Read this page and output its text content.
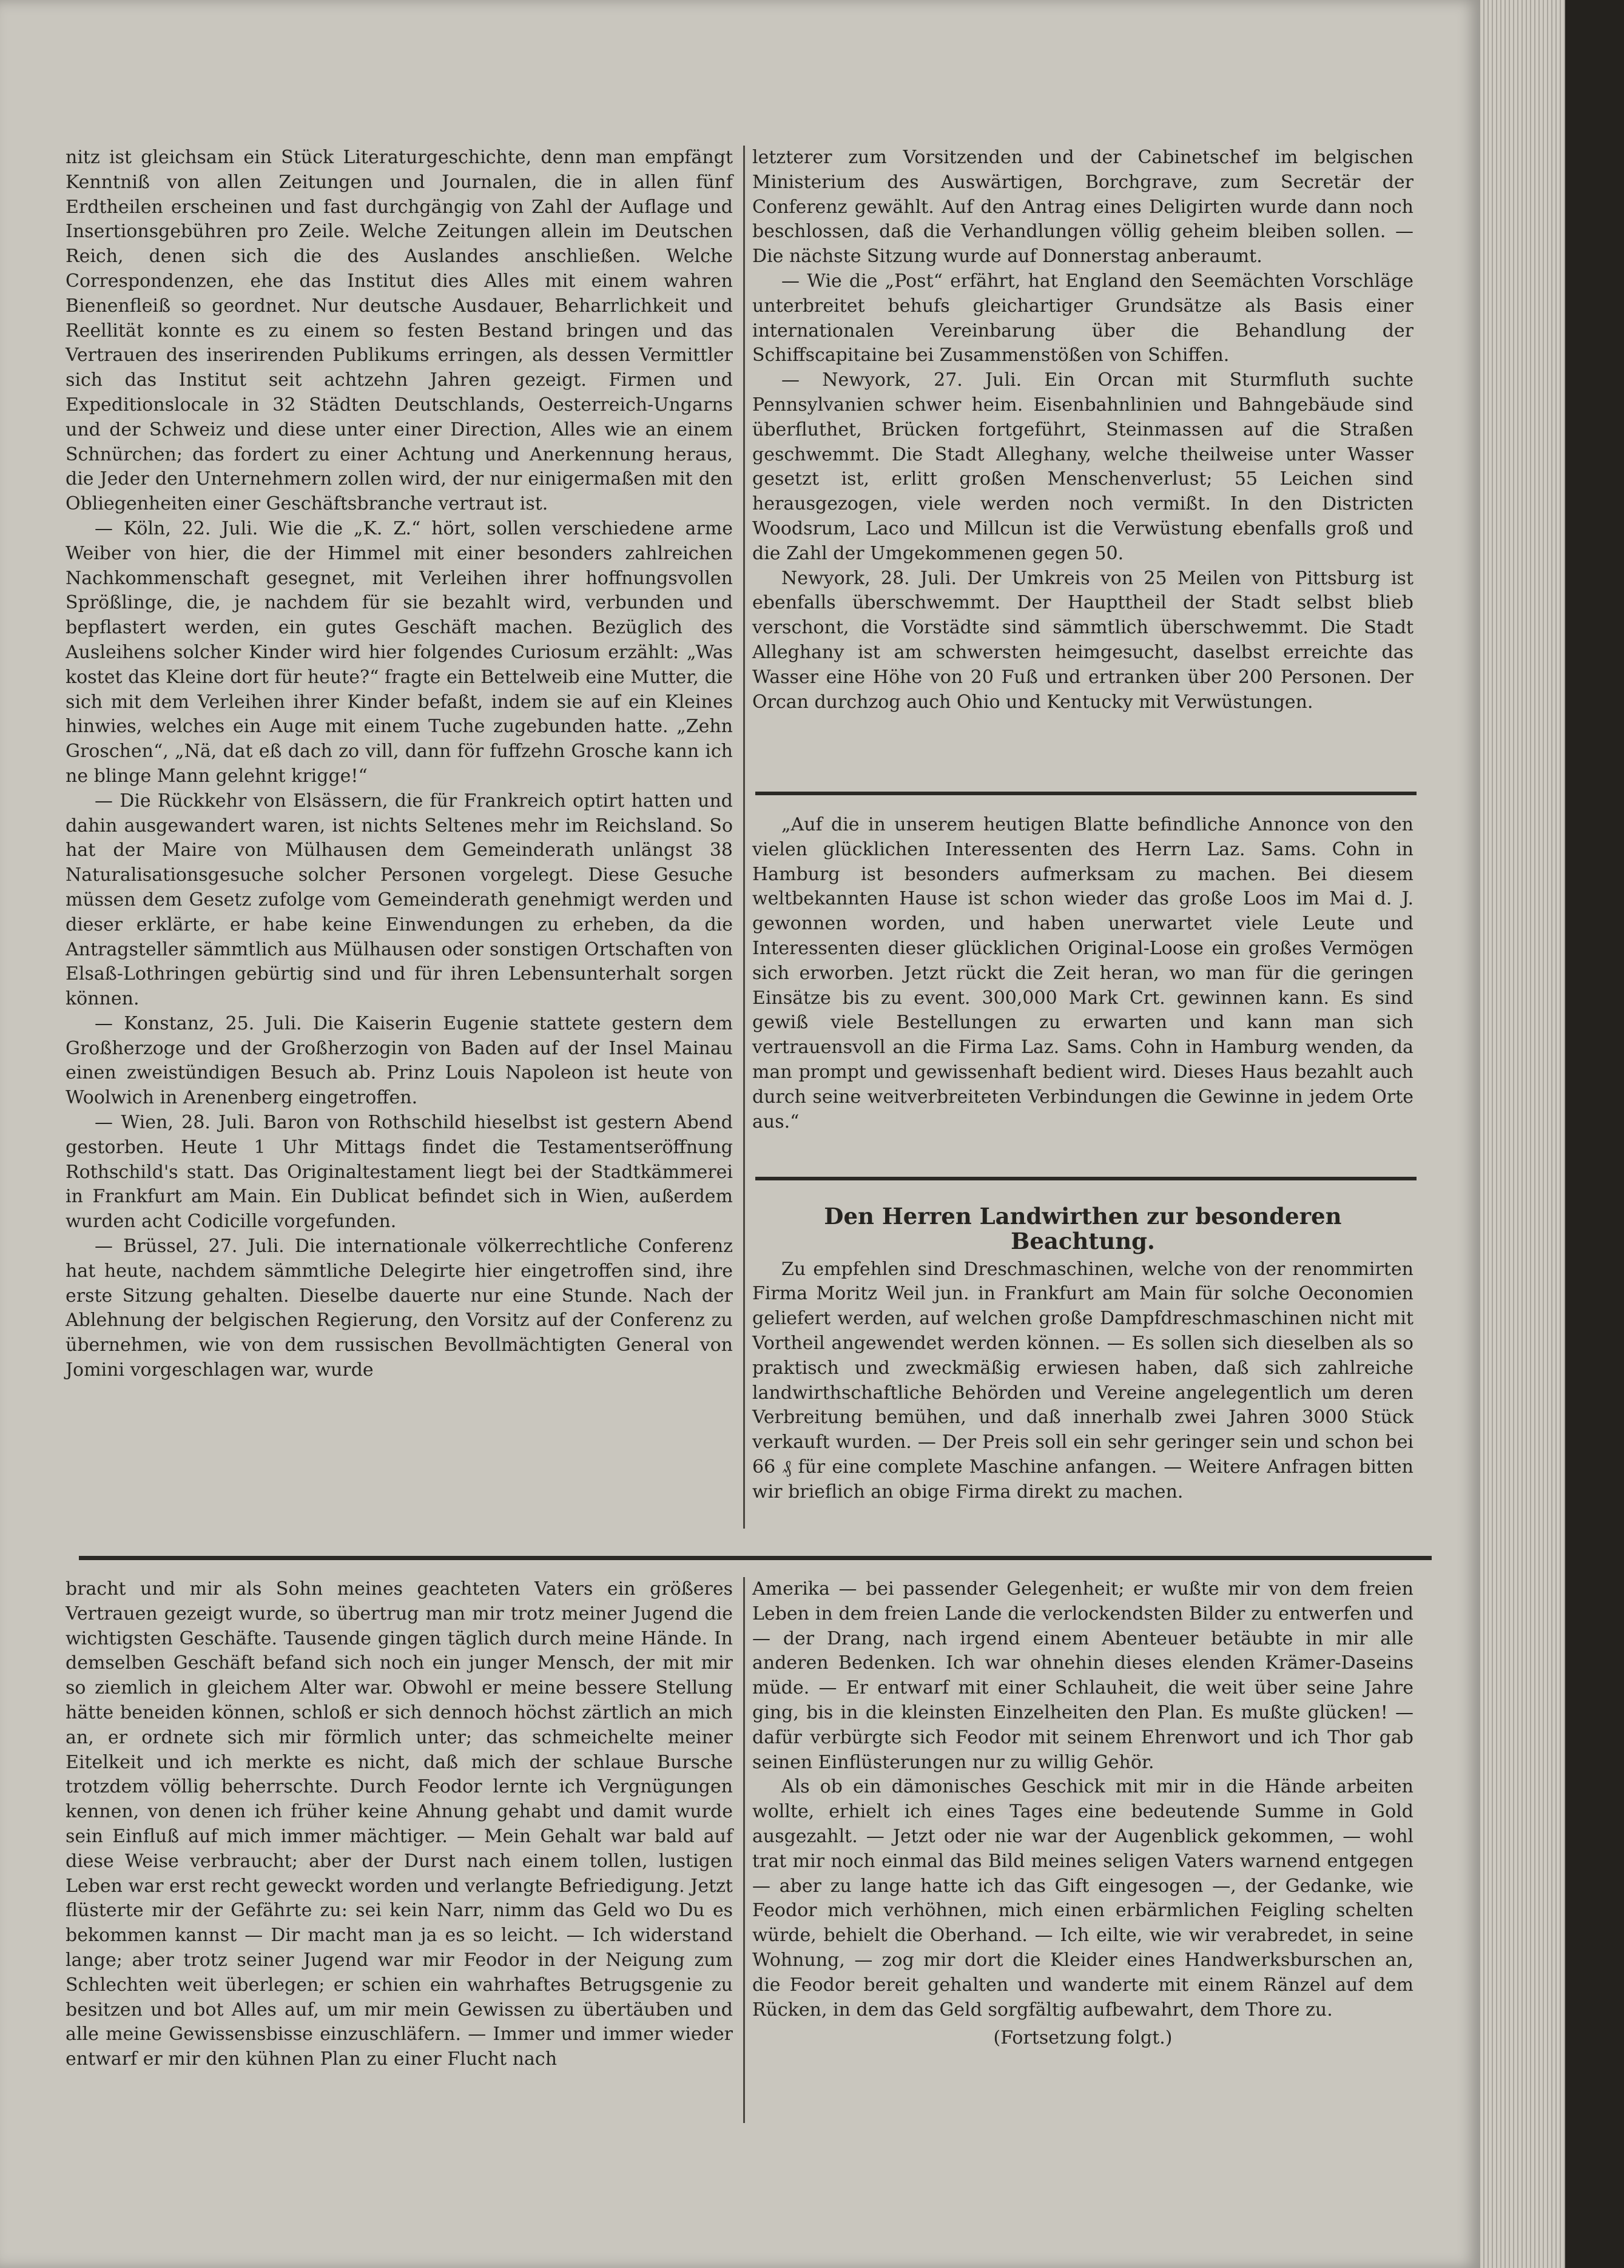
nitz ist gleichsam ein Stück Literaturgeschichte, denn man empfängt Kenntniß von allen Zeitungen und Journalen, die in allen fünf Erdtheilen erscheinen und fast durchgängig von Zahl der Auflage und Insertionsgebühren pro Zeile. Welche Zeitungen allein im Deutschen Reich, denen sich die des Auslandes anschließen. Welche Correspondenzen, ehe das Institut dies Alles mit einem wahren Bienenfleiß so geordnet. Nur deutsche Ausdauer, Beharrlichkeit und Reellität konnte es zu einem so festen Bestand bringen und das Vertrauen des inserirenden Publikums erringen, als dessen Vermittler sich das Institut seit achtzehn Jahren gezeigt. Firmen und Expeditionslocale in 32 Städten Deutschlands, Oesterreich-Ungarns und der Schweiz und diese unter einer Direction, Alles wie an einem Schnürchen; das fordert zu einer Achtung und Anerkennung heraus, die Jeder den Unternehmern zollen wird, der nur einigermaßen mit den Obliegenheiten einer Geschäftsbranche vertraut ist.

— Köln, 22. Juli. Wie die „K. Z.“ hört, sollen verschiedene arme Weiber von hier, die der Himmel mit einer besonders zahlreichen Nachkommenschaft gesegnet, mit Verleihen ihrer hoffnungsvollen Sprößlinge, die, je nachdem für sie bezahlt wird, verbunden und bepflastert werden, ein gutes Geschäft machen. Bezüglich des Ausleihens solcher Kinder wird hier folgendes Curiosum erzählt: „Was kostet das Kleine dort für heute?“ fragte ein Bettelweib eine Mutter, die sich mit dem Verleihen ihrer Kinder befaßt, indem sie auf ein Kleines hinwies, welches ein Auge mit einem Tuche zugebunden hatte. „Zehn Groschen“, „Nä, dat eß dach zo vill, dann för fuffzehn Grosche kann ich ne blinge Mann gelehnt krigge!“

— Die Rückkehr von Elsässern, die für Frankreich optirt hatten und dahin ausgewandert waren, ist nichts Seltenes mehr im Reichsland. So hat der Maire von Mülhausen dem Gemeinderath unlängst 38 Naturalisationsgesuche solcher Personen vorgelegt. Diese Gesuche müssen dem Gesetz zufolge vom Gemeinderath genehmigt werden und dieser erklärte, er habe keine Einwendungen zu erheben, da die Antragsteller sämmtlich aus Mülhausen oder sonstigen Ortschaften von Elsaß-Lothringen gebürtig sind und für ihren Lebensunterhalt sorgen können.

— Konstanz, 25. Juli. Die Kaiserin Eugenie stattete gestern dem Großherzoge und der Großherzogin von Baden auf der Insel Mainau einen zweistündigen Besuch ab. Prinz Louis Napoleon ist heute von Woolwich in Arenenberg eingetroffen.

— Wien, 28. Juli. Baron von Rothschild hieselbst ist gestern Abend gestorben. Heute 1 Uhr Mittags findet die Testamentseröffnung Rothschild's statt. Das Originaltestament liegt bei der Stadtkämmerei in Frankfurt am Main. Ein Dublicat befindet sich in Wien, außerdem wurden acht Codicille vorgefunden.

— Brüssel, 27. Juli. Die internationale völkerrechtliche Conferenz hat heute, nachdem sämmtliche Delegirte hier eingetroffen sind, ihre erste Sitzung gehalten. Dieselbe dauerte nur eine Stunde. Nach der Ablehnung der belgischen Regierung, den Vorsitz auf der Conferenz zu übernehmen, wie von dem russischen Bevollmächtigten General von Jomini vorgeschlagen war, wurde

letzterer zum Vorsitzenden und der Cabinetschef im belgischen Ministerium des Auswärtigen, Borchgrave, zum Secretär der Conferenz gewählt. Auf den Antrag eines Deligirten wurde dann noch beschlossen, daß die Verhandlungen völlig geheim bleiben sollen. — Die nächste Sitzung wurde auf Donnerstag anberaumt.

— Wie die „Post“ erfährt, hat England den Seemächten Vorschläge unterbreitet behufs gleichartiger Grundsätze als Basis einer internationalen Vereinbarung über die Behandlung der Schiffscapitaine bei Zusammenstößen von Schiffen.

— Newyork, 27. Juli. Ein Orcan mit Sturmfluth suchte Pennsylvanien schwer heim. Eisenbahnlinien und Bahngebäude sind überfluthet, Brücken fortgeführt, Steinmassen auf die Straßen geschwemmt. Die Stadt Alleghany, welche theilweise unter Wasser gesetzt ist, erlitt großen Menschenverlust; 55 Leichen sind herausgezogen, viele werden noch vermißt. In den Districten Woodsrum, Laco und Millcun ist die Verwüstung ebenfalls groß und die Zahl der Umgekommenen gegen 50.

Newyork, 28. Juli. Der Umkreis von 25 Meilen von Pittsburg ist ebenfalls überschwemmt. Der Haupttheil der Stadt selbst blieb verschont, die Vorstädte sind sämmtlich überschwemmt. Die Stadt Alleghany ist am schwersten heimgesucht, daselbst erreichte das Wasser eine Höhe von 20 Fuß und ertranken über 200 Personen. Der Orcan durchzog auch Ohio und Kentucky mit Verwüstungen.

„Auf die in unserem heutigen Blatte befindliche Annonce von den vielen glücklichen Interessenten des Herrn Laz. Sams. Cohn in Hamburg ist besonders aufmerksam zu machen. Bei diesem weltbekannten Hause ist schon wieder das große Loos im Mai d. J. gewonnen worden, und haben unerwartet viele Leute und Interessenten dieser glücklichen Original-Loose ein großes Vermögen sich erworben. Jetzt rückt die Zeit heran, wo man für die geringen Einsätze bis zu event. 300,000 Mark Crt. gewinnen kann. Es sind gewiß viele Bestellungen zu erwarten und kann man sich vertrauensvoll an die Firma Laz. Sams. Cohn in Hamburg wenden, da man prompt und gewissenhaft bedient wird. Dieses Haus bezahlt auch durch seine weitverbreiteten Verbindungen die Gewinne in jedem Orte aus.“

Den Herren Landwirthen zur besonderen Beachtung.

Zu empfehlen sind Dreschmaschinen, welche von der renommirten Firma Moritz Weil jun. in Frankfurt am Main für solche Oeconomien geliefert werden, auf welchen große Dampfdreschmaschinen nicht mit Vortheil angewendet werden können. — Es sollen sich dieselben als so praktisch und zweckmäßig erwiesen haben, daß sich zahlreiche landwirthschaftliche Behörden und Vereine angelegentlich um deren Verbreitung bemühen, und daß innerhalb zwei Jahren 3000 Stück verkauft wurden. — Der Preis soll ein sehr geringer sein und schon bei 66 ₰ für eine complete Maschine anfangen. — Weitere Anfragen bitten wir brieflich an obige Firma direkt zu machen.

bracht und mir als Sohn meines geachteten Vaters ein größeres Vertrauen gezeigt wurde, so übertrug man mir trotz meiner Jugend die wichtigsten Geschäfte. Tausende gingen täglich durch meine Hände. In demselben Geschäft befand sich noch ein junger Mensch, der mit mir so ziemlich in gleichem Alter war. Obwohl er meine bessere Stellung hätte beneiden können, schloß er sich dennoch höchst zärtlich an mich an, er ordnete sich mir förmlich unter; das schmeichelte meiner Eitelkeit und ich merkte es nicht, daß mich der schlaue Bursche trotzdem völlig beherrschte. Durch Feodor lernte ich Vergnügungen kennen, von denen ich früher keine Ahnung gehabt und damit wurde sein Einfluß auf mich immer mächtiger. — Mein Gehalt war bald auf diese Weise verbraucht; aber der Durst nach einem tollen, lustigen Leben war erst recht geweckt worden und verlangte Befriedigung. Jetzt flüsterte mir der Gefährte zu: sei kein Narr, nimm das Geld wo Du es bekommen kannst — Dir macht man ja es so leicht. — Ich widerstand lange; aber trotz seiner Jugend war mir Feodor in der Neigung zum Schlechten weit überlegen; er schien ein wahrhaftes Betrugsgenie zu besitzen und bot Alles auf, um mir mein Gewissen zu übertäuben und alle meine Gewissensbisse einzuschläfern. — Immer und immer wieder entwarf er mir den kühnen Plan zu einer Flucht nach

Amerika — bei passender Gelegenheit; er wußte mir von dem freien Leben in dem freien Lande die verlockendsten Bilder zu entwerfen und — der Drang, nach irgend einem Abenteuer betäubte in mir alle anderen Bedenken. Ich war ohnehin dieses elenden Krämer-Daseins müde. — Er entwarf mit einer Schlauheit, die weit über seine Jahre ging, bis in die kleinsten Einzelheiten den Plan. Es mußte glücken! — dafür verbürgte sich Feodor mit seinem Ehrenwort und ich Thor gab seinen Einflüsterungen nur zu willig Gehör.

Als ob ein dämonisches Geschick mit mir in die Hände arbeiten wollte, erhielt ich eines Tages eine bedeutende Summe in Gold ausgezahlt. — Jetzt oder nie war der Augenblick gekommen, — wohl trat mir noch einmal das Bild meines seligen Vaters warnend entgegen — aber zu lange hatte ich das Gift eingesogen —, der Gedanke, wie Feodor mich verhöhnen, mich einen erbärmlichen Feigling schelten würde, behielt die Oberhand. — Ich eilte, wie wir verabredet, in seine Wohnung, — zog mir dort die Kleider eines Handwerksburschen an, die Feodor bereit gehalten und wanderte mit einem Ränzel auf dem Rücken, in dem das Geld sorgfältig aufbewahrt, dem Thore zu.

(Fortsetzung folgt.)
